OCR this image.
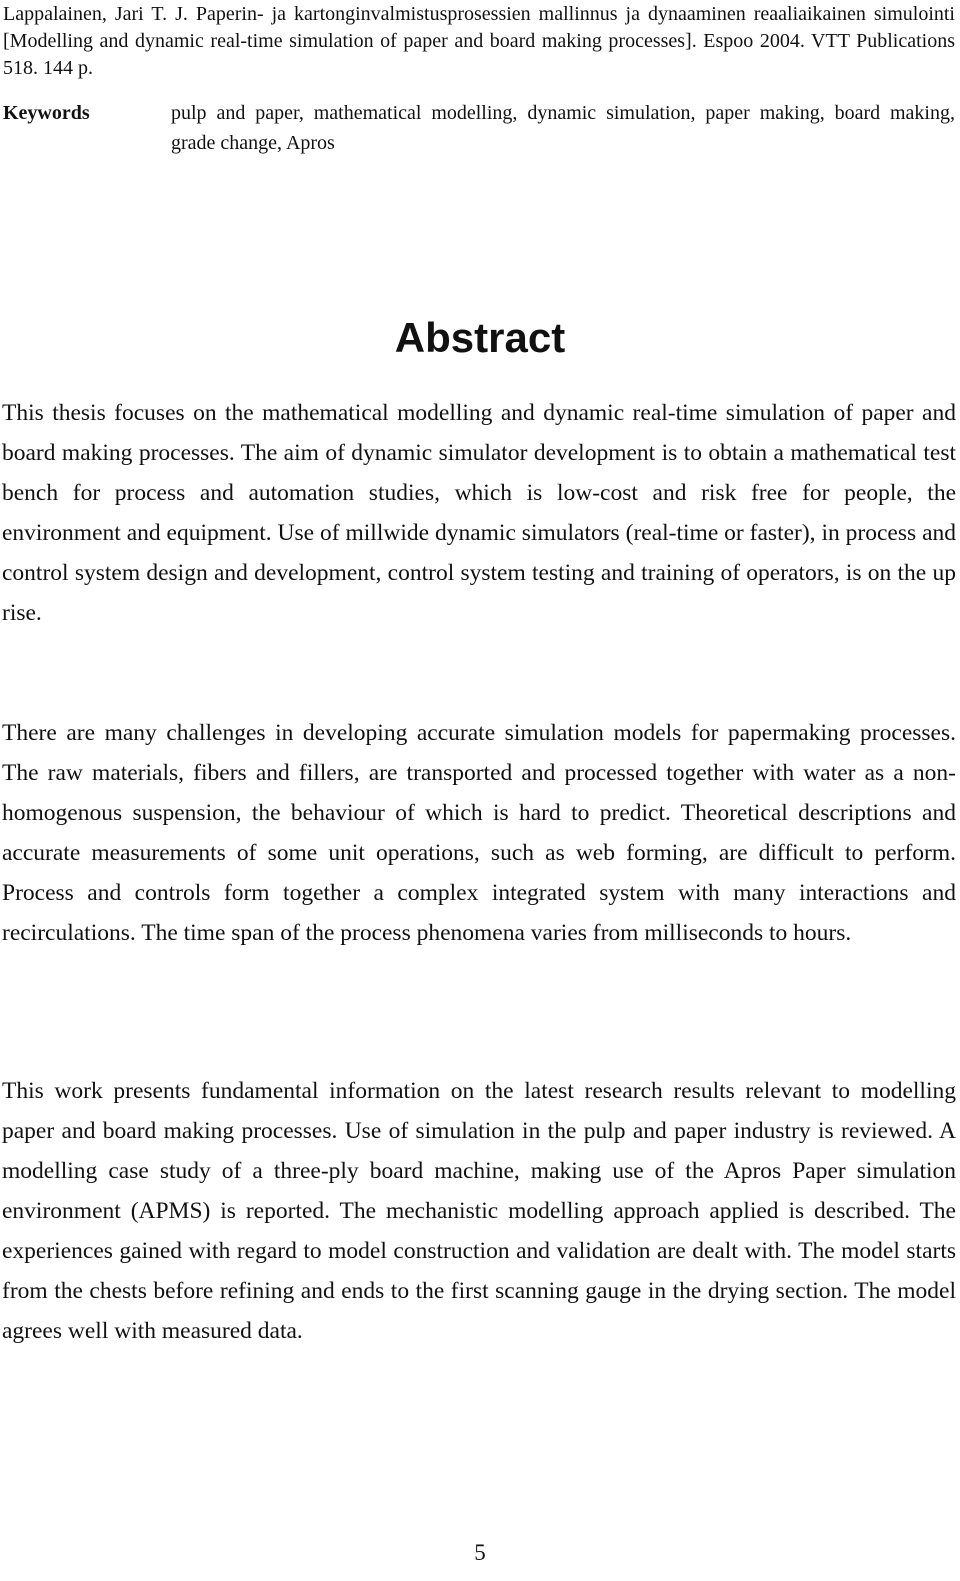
Lappalainen, Jari T. J. Paperin- ja kartonginvalmistusprosessien mallinnus ja dynaaminen reaaliaikainen simulointi [Modelling and dynamic real-time simulation of paper and board making processes]. Espoo 2004. VTT Publications 518. 144 p.
Keywords	pulp and paper, mathematical modelling, dynamic simulation, paper making, board making, grade change, Apros
Abstract

This thesis focuses on the mathematical modelling and dynamic real-time simulation of paper and board making processes. The aim of dynamic simulator development is to obtain a mathematical test bench for process and automation studies, which is low-cost and risk free for people, the environment and equipment. Use of millwide dynamic simulators (real-time or faster), in process and control system design and development, control system testing and training of operators, is on the up rise.

There are many challenges in developing accurate simulation models for papermaking processes. The raw materials, fibers and fillers, are transported and processed together with water as a non-homogenous suspension, the behaviour of which is hard to predict. Theoretical descriptions and accurate measurements of some unit operations, such as web forming, are difficult to perform. Process and controls form together a complex integrated system with many interactions and recirculations. The time span of the process phenomena varies from milliseconds to hours.

This work presents fundamental information on the latest research results relevant to modelling paper and board making processes. Use of simulation in the pulp and paper industry is reviewed. A modelling case study of a three-ply board machine, making use of the Apros Paper simulation environment (APMS) is reported. The mechanistic modelling approach applied is described. The experiences gained with regard to model construction and validation are dealt with. The model starts from the chests before refining and ends to the first scanning gauge in the drying section. The model agrees well with measured data.

5
